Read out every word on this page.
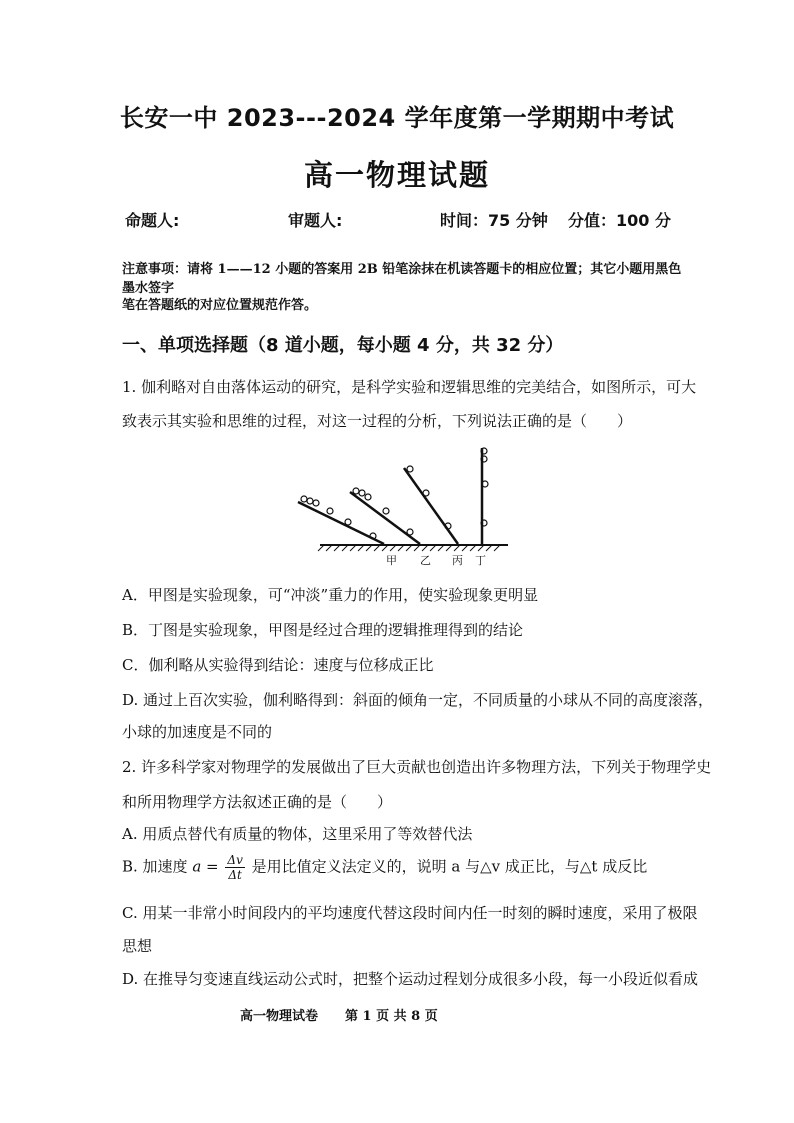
长安一中 2023---2024 学年度第一学期期中考试
高一物理试题
命题人:	审题人:	时间：75 分钟 分值：100 分
注意事项：请将 1——12 小题的答案用 2B 铅笔涂抹在机读答题卡的相应位置；其它小题用黑色墨水签字
笔在答题纸的对应位置规范作答。
一、单项选择题（8 道小题，每小题 4 分，共 32 分）
1. 伽利略对自由落体运动的研究，是科学实验和逻辑思维的完美结合，如图所示，可大
致表示其实验和思维的过程，对这一过程的分析，下列说法正确的是（　　）
甲 乙 丙 丁
A．甲图是实验现象，可“冲淡”重力的作用，使实验现象更明显
B．丁图是实验现象，甲图是经过合理的逻辑推理得到的结论
C．伽利略从实验得到结论：速度与位移成正比
D. 通过上百次实验，伽利略得到：斜面的倾角一定，不同质量的小球从不同的高度滚落，
小球的加速度是不同的
2. 许多科学家对物理学的发展做出了巨大贡献也创造出许多物理方法，下列关于物理学史
和所用物理学方法叙述正确的是（　　）
A. 用质点替代有质量的物体，这里采用了等效替代法
B. 加速度 $a = \frac{\Delta v}{\Delta t}$ 是用比值定义法定义的，说明 a 与△v 成正比，与△t 成反比
C. 用某一非常小时间段内的平均速度代替这段时间内任一时刻的瞬时速度，采用了极限
思想
D. 在推导匀变速直线运动公式时，把整个运动过程划分成很多小段，每一小段近似看成
高一物理试卷 第 1 页 共 8 页
